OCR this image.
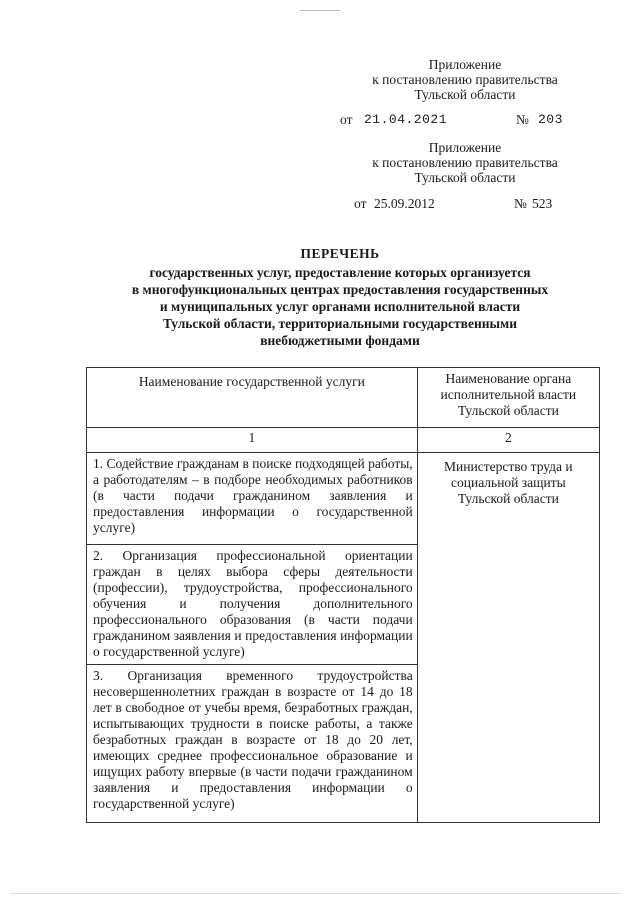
Приложение
к постановлению правительства
Тульской области
от 21.04.2021	№ 203
Приложение
к постановлению правительства
Тульской области
от 25.09.2012	№ 523
ПЕРЕЧЕНЬ
государственных услуг, предоставление которых организуется
в многофункциональных центрах предоставления государственных
и муниципальных услуг органами исполнительной власти
Тульской области, территориальными государственными
внебюджетными фондами
Наименование государственной услуги	Наименование органа исполнительной власти Тульской области
1	2
1. Содействие гражданам в поиске подходящей работы, а работодателям – в подборе необходимых работников (в части подачи гражданином заявления и предоставления информации о государственной услуге)	Министерство труда и социальной защиты Тульской области
2. Организация профессиональной ориентации граждан в целях выбора сферы деятельности (профессии), трудоустройства, профессионального обучения и получения дополнительного профессионального образования (в части подачи гражданином заявления и предоставления информации о государственной услуге)	
3. Организация временного трудоустройства несовершеннолетних граждан в возрасте от 14 до 18 лет в свободное от учебы время, безработных граждан, испытывающих трудности в поиске работы, а также безработных граждан в возрасте от 18 до 20 лет, имеющих среднее профессиональное образование и ищущих работу впервые (в части подачи гражданином заявления и предоставления информации о государственной услуге)	
